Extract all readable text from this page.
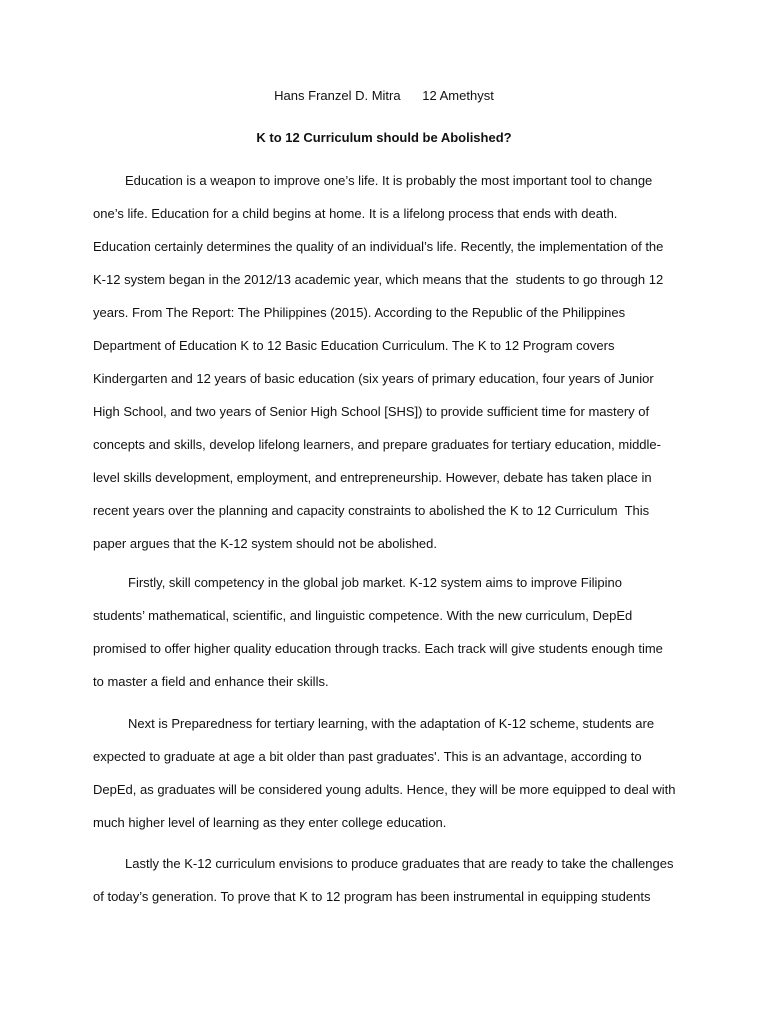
Hans Franzel D. Mitra 12 Amethyst
K to 12 Curriculum should be Abolished?
Education is a weapon to improve one’s life. It is probably the most important tool to change
one’s life. Education for a child begins at home. It is a lifelong process that ends with death.
Education certainly determines the quality of an individual’s life. Recently, the implementation of the
K-12 system began in the 2012/13 academic year, which means that the  students to go through 12
years. From The Report: The Philippines (2015). According to the Republic of the Philippines
Department of Education K to 12 Basic Education Curriculum. The K to 12 Program covers
Kindergarten and 12 years of basic education (six years of primary education, four years of Junior
High School, and two years of Senior High School [SHS]) to provide sufficient time for mastery of
concepts and skills, develop lifelong learners, and prepare graduates for tertiary education, middle-
level skills development, employment, and entrepreneurship. However, debate has taken place in
recent years over the planning and capacity constraints to abolished the K to 12 Curriculum  This
paper argues that the K-12 system should not be abolished.
Firstly, skill competency in the global job market. K-12 system aims to improve Filipino
students’ mathematical, scientific, and linguistic competence. With the new curriculum, DepEd
promised to offer higher quality education through tracks. Each track will give students enough time
to master a field and enhance their skills.
Next is Preparedness for tertiary learning, with the adaptation of K-12 scheme, students are
expected to graduate at age a bit older than past graduates'. This is an advantage, according to
DepEd, as graduates will be considered young adults. Hence, they will be more equipped to deal with
much higher level of learning as they enter college education.
Lastly the K-12 curriculum envisions to produce graduates that are ready to take the challenges
of today’s generation. To prove that K to 12 program has been instrumental in equipping students
